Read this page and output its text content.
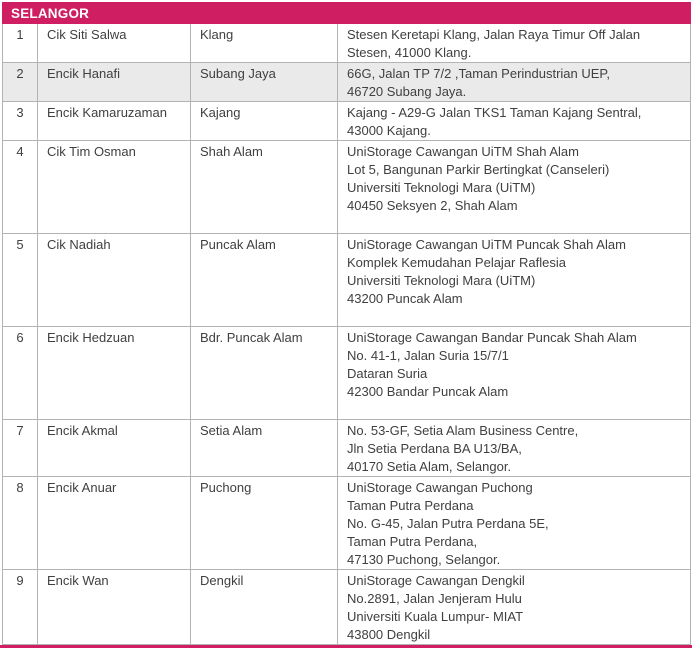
SELANGOR			
1	Cik Siti Salwa	Klang	Stesen Keretapi Klang, Jalan Raya Timur Off Jalan
Stesen, 41000 Klang.

2	Encik Hanafi	Subang Jaya	66G, Jalan TP 7/2 ,Taman Perindustrian UEP,
46720 Subang Jaya.

3	Encik Kamaruzaman	Kajang	Kajang - A29-G Jalan TKS1 Taman Kajang Sentral,
43000 Kajang.

4	Cik Tim Osman	Shah Alam	UniStorage Cawangan UiTM Shah Alam
Lot 5, Bangunan Parkir Bertingkat (Canseleri)
Universiti Teknologi Mara (UiTM)
40450 Seksyen 2, Shah Alam

5	Cik Nadiah	Puncak Alam	UniStorage Cawangan UiTM Puncak Shah Alam
Komplek Kemudahan Pelajar Raflesia
Universiti Teknologi Mara (UiTM)
43200 Puncak Alam

6	Encik Hedzuan	Bdr. Puncak Alam	UniStorage Cawangan Bandar Puncak Shah Alam
No. 41-1, Jalan Suria 15/7/1
Dataran Suria
42300 Bandar Puncak Alam

7	Encik Akmal	Setia Alam	No. 53-GF, Setia Alam Business Centre,
Jln Setia Perdana BA U13/BA,
40170 Setia Alam, Selangor.

8	Encik Anuar	Puchong	UniStorage Cawangan Puchong
Taman Putra Perdana
No. G-45, Jalan Putra Perdana 5E,
Taman Putra Perdana,
47130 Puchong, Selangor.

9	Encik Wan	Dengkil	UniStorage Cawangan Dengkil
No.2891, Jalan Jenjeram Hulu
Universiti Kuala Lumpur- MIAT
43800 Dengkil
